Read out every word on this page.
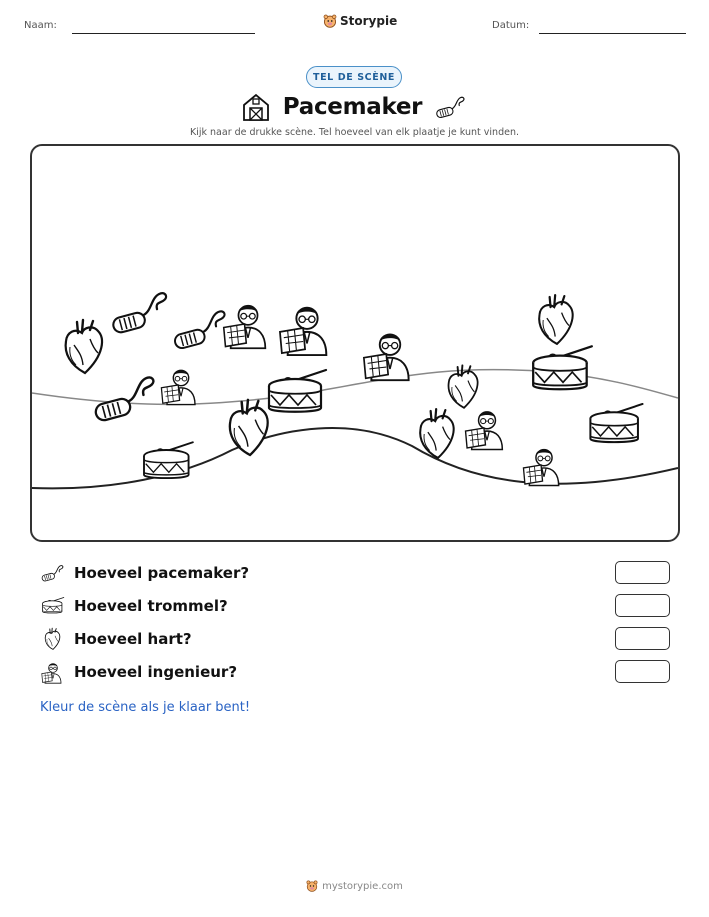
Naam:	Storypie	Datum:
TEL DE SCÈNE
Pacemaker
Kijk naar de drukke scène. Tel hoeveel van elk plaatje je kunt vinden.
Hoeveel pacemaker?
Hoeveel trommel?
Hoeveel hart?
Hoeveel ingenieur?
Kleur de scène als je klaar bent!
mystorypie.com
